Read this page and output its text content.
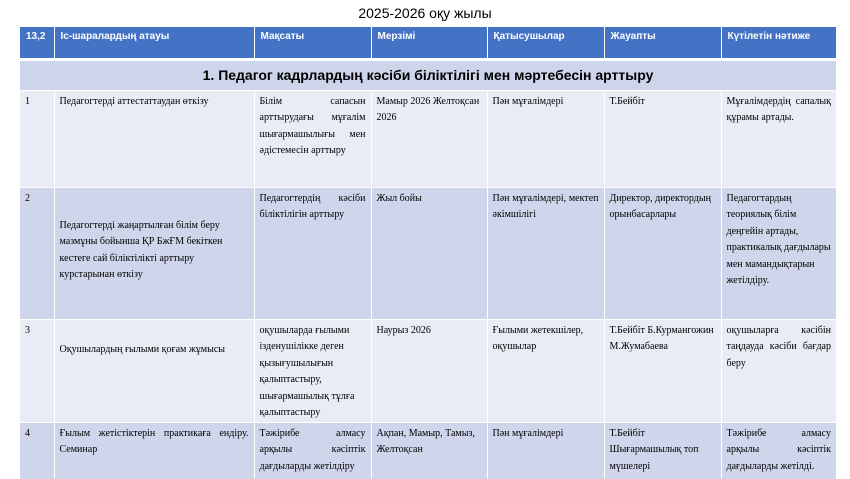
2025-2026 оқу жылы
13,2	Іс-шаралардың атауы	Мақсаты	Мерзімі	Қатысушылар	Жауапты	Күтілетін нәтиже
1. Педагог кадрлардың кәсіби біліктілігі мен мәртебесін арттыру						
1	Педагогтерді аттестаттаудан өткізу	Білім сапасын арттырудағы мұғалім шығармашылығы мен әдістемесін арттыру	Мамыр 2026 Желтоқсан 2026	Пән мұғалімдері	Т.Бейбіт	Мұғалімдердің сапалық құрамы артады.
2	Педагогтерді жаңартылған білім беру мазмұны бойынша ҚР БжҒМ бекіткен кестеге сай біліктілікті арттыру курстарынан өткізу	Педагогтердің кәсіби біліктілігін арттыру	Жыл бойы	Пән мұғалімдері, мектеп әкімшілігі	Директор, директордың орынбасарлары	Педагогтардың теориялық білім деңгейін артады, практикалық дағдылары мен мамандықтарын жетілдіру.
3	Оқушылардың ғылыми қоғам жұмысы	оқушыларда ғылыми ізденушілікке деген қызығушылығын қалыптастыру, шығармашылық тұлға қалыптастыру	Наурыз 2026	Ғылыми жетекшілер, оқушылар	Т.Бейбіт Б.Курмангожин М.Жумабаева	оқушыларға кәсібін таңдауда кәсіби бағдар беру
4	Ғылым жетістіктерін практикаға ендіру. Семинар	Тәжірибе алмасу арқылы кәсіптік дағдыларды жетілдіру	Ақпан, Мамыр, Тамыз, Желтоқсан	Пән мұғалімдері	Т.Бейбіт Шығармашылық топ мүшелері	Тәжірибе алмасу арқылы кәсіптік дағдыларды жетілді.
